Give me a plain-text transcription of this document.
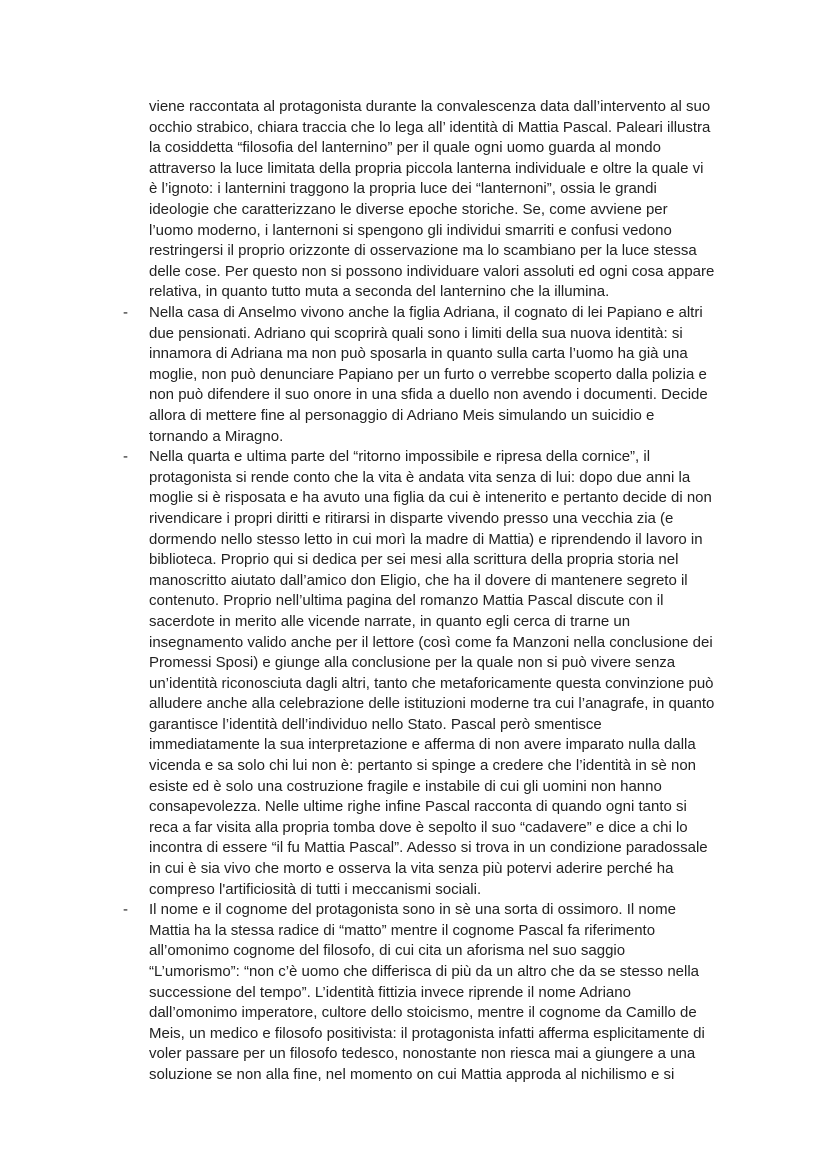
viene raccontata al protagonista durante la convalescenza data dall’intervento al suo
occhio strabico, chiara traccia che lo lega all’ identità di Mattia Pascal. Paleari illustra
la cosiddetta “filosofia del lanternino” per il quale ogni uomo guarda al mondo
attraverso la luce limitata della propria piccola lanterna individuale e oltre la quale vi
è l’ignoto: i lanternini traggono la propria luce dei “lanternoni”, ossia le grandi
ideologie che caratterizzano le diverse epoche storiche. Se, come avviene per
l’uomo moderno, i lanternoni si spengono gli individui smarriti e confusi vedono
restringersi il proprio orizzonte di osservazione ma lo scambiano per la luce stessa
delle cose. Per questo non si possono individuare valori assoluti ed ogni cosa appare
relativa, in quanto tutto muta a seconda del lanternino che la illumina.
-	Nella casa di Anselmo vivono anche la figlia Adriana, il cognato di lei Papiano e altri
due pensionati. Adriano qui scoprirà quali sono i limiti della sua nuova identità: si
innamora di Adriana ma non può sposarla in quanto sulla carta l’uomo ha già una
moglie, non può denunciare Papiano per un furto o verrebbe scoperto dalla polizia e
non può difendere il suo onore in una sfida a duello non avendo i documenti. Decide
allora di mettere fine al personaggio di Adriano Meis simulando un suicidio e
tornando a Miragno.
-	Nella quarta e ultima parte del “ritorno impossibile e ripresa della cornice”, il
protagonista si rende conto che la vita è andata vita senza di lui: dopo due anni la
moglie si è risposata e ha avuto una figlia da cui è intenerito e pertanto decide di non
rivendicare i propri diritti e ritirarsi in disparte vivendo presso una vecchia zia (e
dormendo nello stesso letto in cui morì la madre di Mattia) e riprendendo il lavoro in
biblioteca. Proprio qui si dedica per sei mesi alla scrittura della propria storia nel
manoscritto aiutato dall’amico don Eligio, che ha il dovere di mantenere segreto il
contenuto. Proprio nell’ultima pagina del romanzo Mattia Pascal discute con il
sacerdote in merito alle vicende narrate, in quanto egli cerca di trarne un
insegnamento valido anche per il lettore (così come fa Manzoni nella conclusione dei
Promessi Sposi) e giunge alla conclusione per la quale non si può vivere senza
un’identità riconosciuta dagli altri, tanto che metaforicamente questa convinzione può
alludere anche alla celebrazione delle istituzioni moderne tra cui l’anagrafe, in quanto
garantisce l’identità dell’individuo nello Stato. Pascal però smentisce
immediatamente la sua interpretazione e afferma di non avere imparato nulla dalla
vicenda e sa solo chi lui non è: pertanto si spinge a credere che l’identità in sè non
esiste ed è solo una costruzione fragile e instabile di cui gli uomini non hanno
consapevolezza. Nelle ultime righe infine Pascal racconta di quando ogni tanto si
reca a far visita alla propria tomba dove è sepolto il suo “cadavere” e dice a chi lo
incontra di essere “il fu Mattia Pascal”. Adesso si trova in un condizione paradossale
in cui è sia vivo che morto e osserva la vita senza più potervi aderire perché ha
compreso l'artificiosità di tutti i meccanismi sociali.
-	Il nome e il cognome del protagonista sono in sè una sorta di ossimoro. Il nome
Mattia ha la stessa radice di “matto” mentre il cognome Pascal fa riferimento
all’omonimo cognome del filosofo, di cui cita un aforisma nel suo saggio
“L’umorismo”: “non c’è uomo che differisca di più da un altro che da se stesso nella
successione del tempo”. L’identità fittizia invece riprende il nome Adriano
dall’omonimo imperatore, cultore dello stoicismo, mentre il cognome da Camillo de
Meis, un medico e filosofo positivista: il protagonista infatti afferma esplicitamente di
voler passare per un filosofo tedesco, nonostante non riesca mai a giungere a una
soluzione se non alla fine, nel momento on cui Mattia approda al nichilismo e si
